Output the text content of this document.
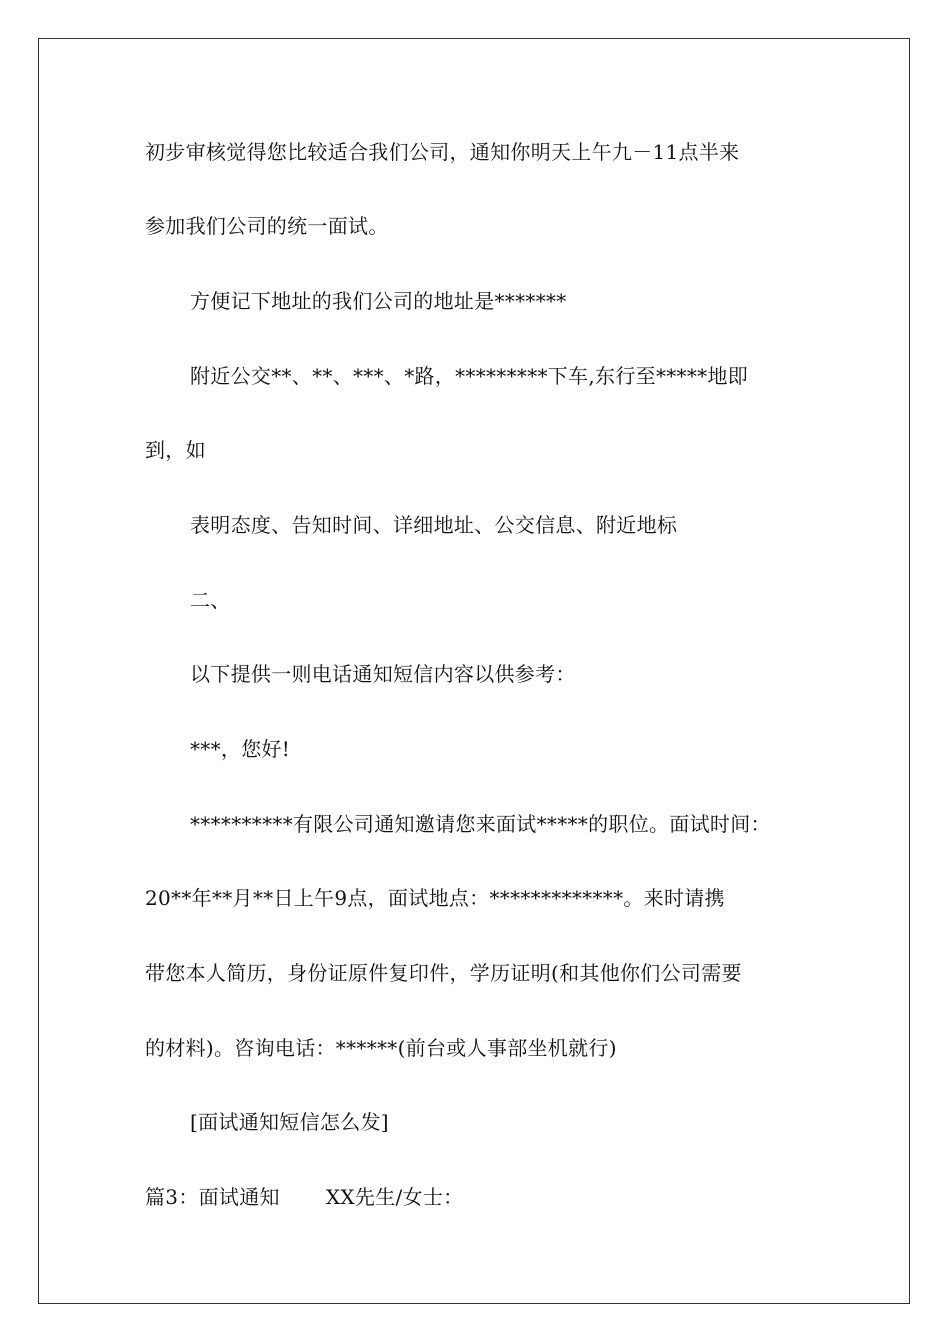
初步审核觉得您比较适合我们公司，通知你明天上午九－11点半来
参加我们公司的统一面试。
方便记下地址的我们公司的地址是*******
附近公交**、**、***、*路，*********下车,东行至*****地即
到，如
表明态度、告知时间、详细地址、公交信息、附近地标
二、
以下提供一则电话通知短信内容以供参考：
***，您好!
**********有限公司通知邀请您来面试*****的职位。面试时间：
20**年**月**日上午9点，面试地点：*************。来时请携
带您本人简历，身份证原件复印件，学历证明(和其他你们公司需要
的材料)。咨询电话：******(前台或人事部坐机就行)
[面试通知短信怎么发]
篇3：面试通知 XX先生/女士：
